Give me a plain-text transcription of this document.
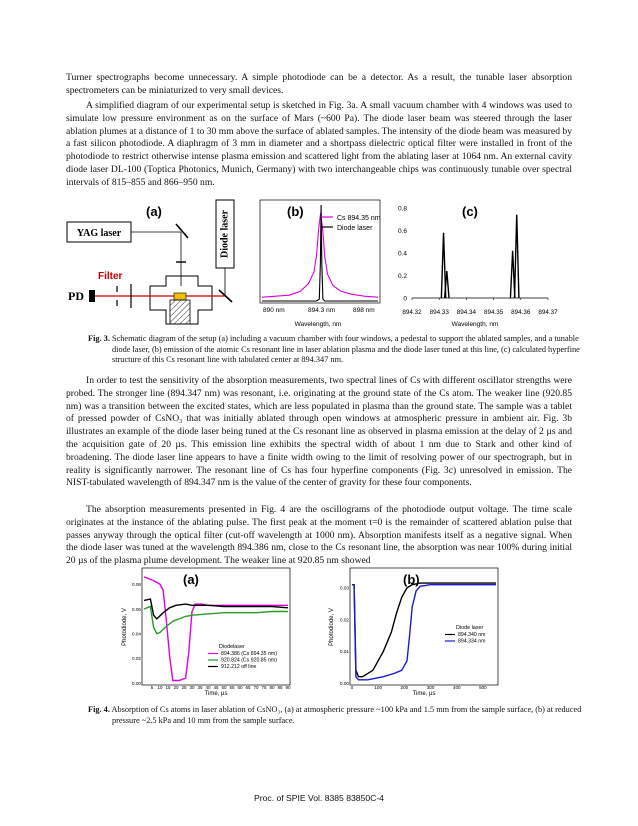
Turner spectrographs become unnecessary. A simple photodiode can be a detector. As a result, the tunable laser absorption spectrometers can be miniaturized to very small devices.

A simplified diagram of our experimental setup is sketched in Fig. 3a. A small vacuum chamber with 4 windows was used to simulate low pressure environment as on the surface of Mars (~600 Pa). The diode laser beam was steered through the laser ablation plumes at a distance of 1 to 30 mm above the surface of ablated samples. The intensity of the diode beam was measured by a fast silicon photodiode. A diaphragm of 3 mm in diameter and a shortpass dielectric optical filter were installed in front of the photodiode to restrict otherwise intense plasma emission and scattered light from the ablating laser at 1064 nm. An external cavity diode laser DL-100 (Toptica Photonics, Munich, Germany) with two interchangeable chips was continuously tunable over spectral intervals of 815–855 and 866–950 nm.

(a)
YAG laser	Diode laser
Filter
PD
(b)	Cs 894.35 nm
Diode laser
890 nm	894.3 nm	898 nm
Wavelength, nm
(c)
0
0.2
0.4
0.6
0.8
894.32 894.33 894.34 894.35 894.36 894.37
Wavelength, nm

Fig. 3. Schematic diagram of the setup (a) including a vacuum chamber with four windows, a pedestal to support the ablated samples, and a tunable diode laser, (b) emission of the atomic Cs resonant line in laser ablation plasma and the diode laser tuned at this line, (c) calculated hyperfine structure of this Cs resonant line with tabulated center at 894.347 nm.

In order to test the sensitivity of the absorption measurements, two spectral lines of Cs with different oscillator strengths were probed. The stronger line (894.347 nm) was resonant, i.e. originating at the ground state of the Cs atom. The weaker line (920.85 nm) was a transition between the excited states, which are less populated in plasma than the ground state. The sample was a tablet of pressed powder of CsNO₃ that was initially ablated through open windows at atmospheric pressure in ambient air. Fig. 3b illustrates an example of the diode laser being tuned at the Cs resonant line as observed in plasma emission at the delay of 2 µs and the acquisition gate of 20 µs. This emission line exhibits the spectral width of about 1 nm due to Stark and other kind of broadening. The diode laser line appears to have a finite width owing to the limit of resolving power of our spectrograph, but in reality is significantly narrower. The resonant line of Cs has four hyperfine components (Fig. 3c) unresolved in emission. The NIST-tabulated wavelength of 894.347 nm is the value of the center of gravity for these four components.

The absorption measurements presented in Fig. 4 are the oscillograms of the photodiode output voltage. The time scale originates at the instance of the ablating pulse. The first peak at the moment t=0 is the remainder of scattered ablation pulse that passes anyway through the optical filter (cut-off wavelength at 1000 nm). Absorption manifests itself as a negative signal. When the diode laser was tuned at the wavelength 894.386 nm, close to the Cs resonant line, the absorption was near 100% during initial 20 µs of the plasma plume development. The weaker line at 920.85 nm showed

(a)
0.00
0.02
0.04
0.06
0.08
5 10 15 20 25 30 35 40 45 50 55 60 65 70 75 80 85 90
Time, µs
Photodiode, V
Diodelaser
894.386 (Cs 894.35 nm)
920.824 (Cs 920.85 nm)
912.212 off line
(b)
0.00
0.01
0.02
0.03
0	100	200	300	400	500
Time, µs
Photodiode, V	Diode laser
894.340 nm
894.334 nm

Fig. 4. Absorption of Cs atoms in laser ablation of CsNO₃, (a) at atmospheric pressure ~100 kPa and 1.5 mm from the sample surface, (b) at reduced pressure ~2.5 kPa and 10 mm from the sample surface.

Proc. of SPIE Vol. 8385 83850C-4
